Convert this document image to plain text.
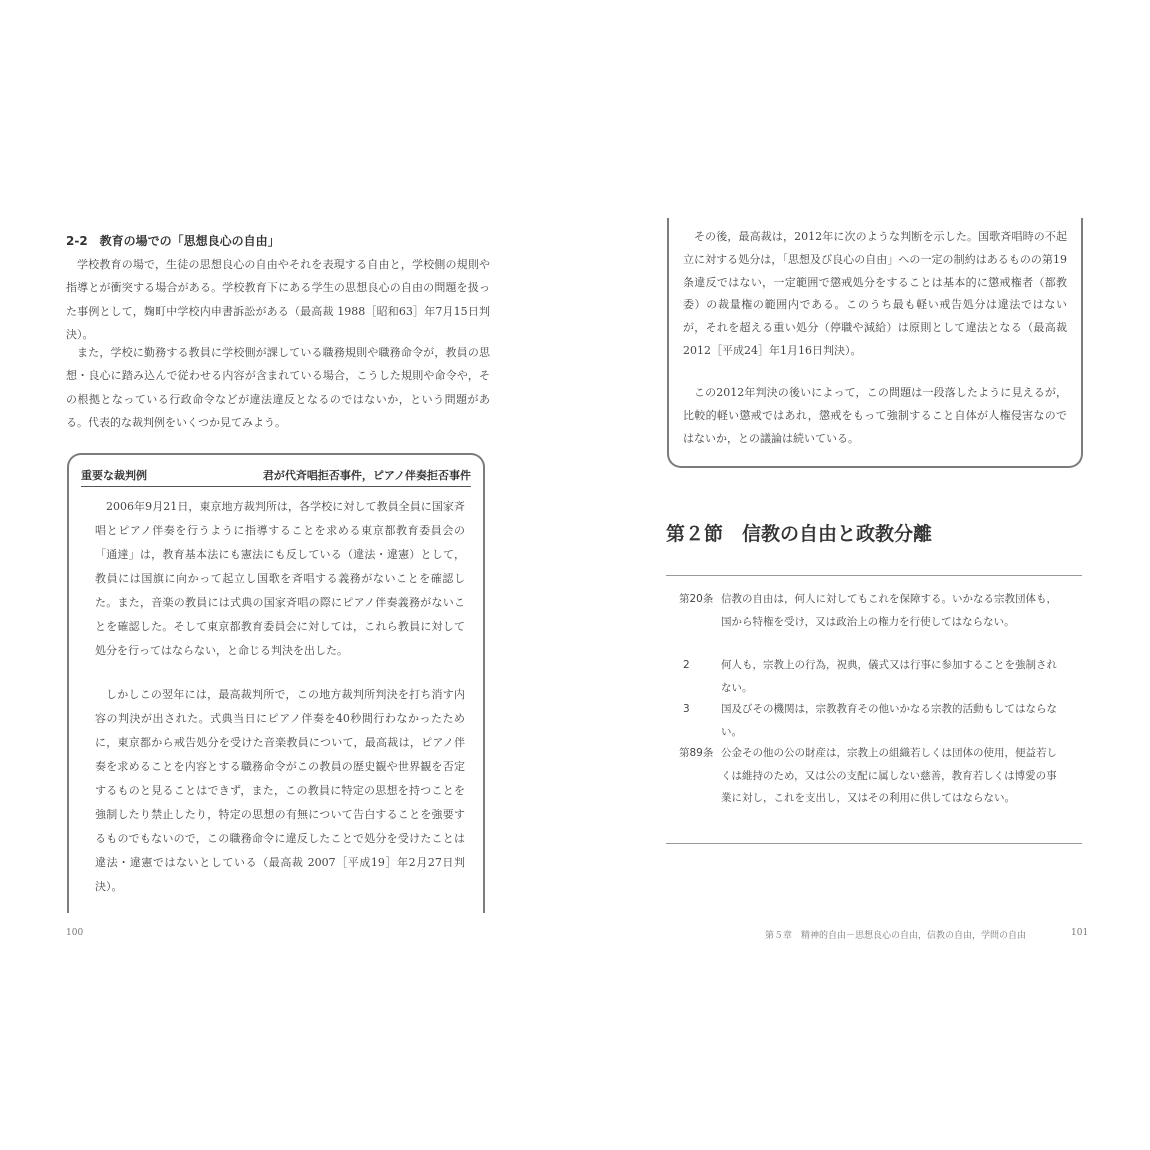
2-2　教育の場での「思想良心の自由」

学校教育の場で，生徒の思想良心の自由やそれを表現する自由と，学校側の規則や指導とが衝突する場合がある。学校教育下にある学生の思想良心の自由の問題を扱った事例として，麹町中学校内申書訴訟がある（最高裁 1988［昭和63］年7月15日判決）。

また，学校に勤務する教員に学校側が課している職務規則や職務命令が，教員の思想・良心に踏み込んで従わせる内容が含まれている場合，こうした規則や命令や，その根拠となっている行政命令などが違法違反となるのではないか，という問題がある。代表的な裁判例をいくつか見てみよう。

重要な裁判例	君が代斉唱拒否事件，ピアノ伴奏拒否事件

2006年9月21日，東京地方裁判所は，各学校に対して教員全員に国家斉唱とピアノ伴奏を行うように指導することを求める東京都教育委員会の「通達」は，教育基本法にも憲法にも反している（違法・違憲）として，教員には国旗に向かって起立し国歌を斉唱する義務がないことを確認した。また，音楽の教員には式典の国家斉唱の際にピアノ伴奏義務がないことを確認した。そして東京都教育委員会に対しては，これら教員に対して処分を行ってはならない，と命じる判決を出した。

しかしこの翌年には，最高裁判所で，この地方裁判所判決を打ち消す内容の判決が出された。式典当日にピアノ伴奏を40秒間行わなかったために，東京都から戒告処分を受けた音楽教員について，最高裁は，ピアノ伴奏を求めることを内容とする職務命令がこの教員の歴史観や世界観を否定するものと見ることはできず，また，この教員に特定の思想を持つことを強制したり禁止したり，特定の思想の有無について告白することを強要するものでもないので，この職務命令に違反したことで処分を受けたことは違法・違憲ではないとしている（最高裁 2007［平成19］年2月27日判決）。

100

その後，最高裁は，2012年に次のような判断を示した。国歌斉唱時の不起立に対する処分は，「思想及び良心の自由」への一定の制約はあるものの第19条違反ではない，一定範囲で懲戒処分をすることは基本的に懲戒権者（都教委）の裁量権の範囲内である。このうち最も軽い戒告処分は違法ではないが，それを超える重い処分（停職や減給）は原則として違法となる（最高裁 2012［平成24］年1月16日判決）。

この2012年判決の後いによって，この問題は一段落したように見えるが，比較的軽い懲戒ではあれ，懲戒をもって強制すること自体が人権侵害なのではないか，との議論は続いている。

第２節　信教の自由と政教分離
第20条 信教の自由は，何人に対してもこれを保障する。いかなる宗教団体も，国から特権を受け，又は政治上の権力を行使してはならない。
2	何人も，宗教上の行為，祝典，儀式又は行事に参加することを強制されない。
3	国及びその機関は，宗教教育その他いかなる宗教的活動もしてはならない。
第89条 公金その他の公の財産は，宗教上の組織若しくは団体の使用，便益若しくは維持のため，又は公の支配に属しない慈善，教育若しくは博愛の事業に対し，これを支出し，又はその利用に供してはならない。
第５章　精神的自由－思想良心の自由，信教の自由，学問の自由	101
